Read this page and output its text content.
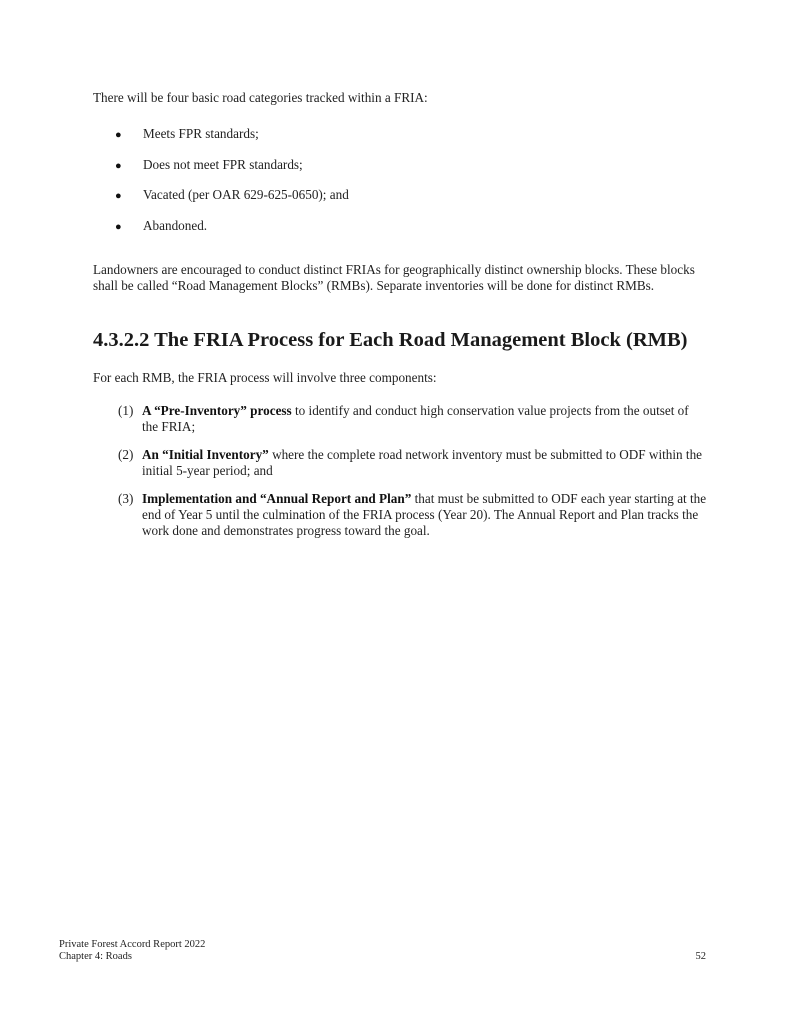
There will be four basic road categories tracked within a FRIA:

● Meets FPR standards;
● Does not meet FPR standards;
● Vacated (per OAR 629-625-0650); and
● Abandoned.

Landowners are encouraged to conduct distinct FRIAs for geographically distinct ownership blocks. These blocks shall be called “Road Management Blocks” (RMBs). Separate inventories will be done for distinct RMBs.

4.3.2.2 The FRIA Process for Each Road Management Block (RMB)

For each RMB, the FRIA process will involve three components:

(1) A “Pre-Inventory” process to identify and conduct high conservation value projects from the outset of the FRIA;
(2) An “Initial Inventory” where the complete road network inventory must be submitted to ODF within the initial 5-year period; and
(3) Implementation and “Annual Report and Plan” that must be submitted to ODF each year starting at the end of Year 5 until the culmination of the FRIA process (Year 20). The Annual Report and Plan tracks the work done and demonstrates progress toward the goal.
Private Forest Accord Report 2022
Chapter 4: Roads	52
